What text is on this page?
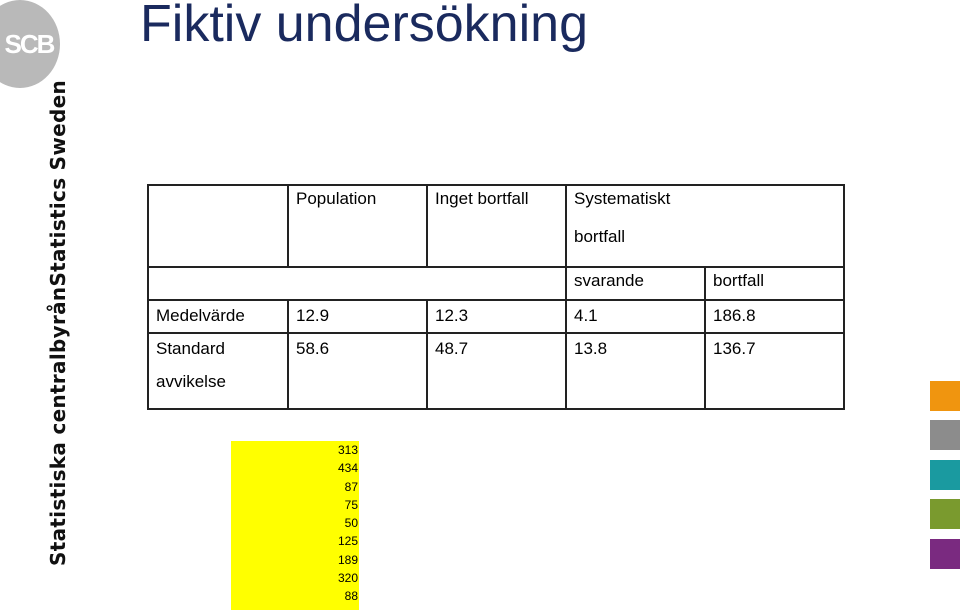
SCB Fiktiv undersökning
Statistiska centralbyrån
Statistics Sweden

	Population	Inget bortfall	Systematiskt
bortfall	

			svarande	bortfall
Medelvärde	12.9	12.3	4.1	186.8

Standard
avvikelse	58.6	48.7	13.8	136.7
313
434
87
75
50
125
189
320
88
